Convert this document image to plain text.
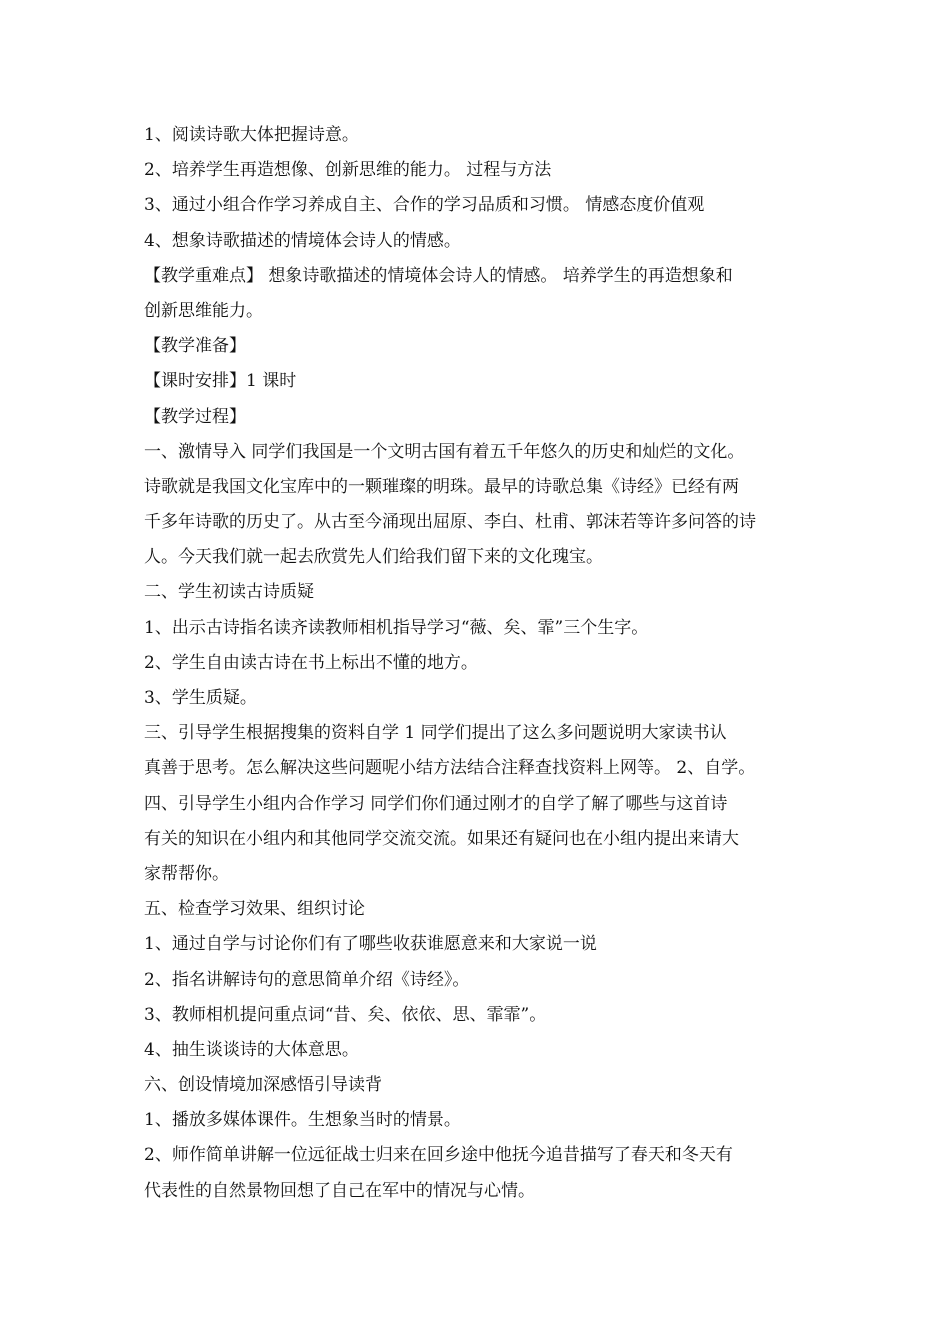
1、阅读诗歌大体把握诗意。
2、培养学生再造想像、创新思维的能力。 过程与方法
3、通过小组合作学习养成自主、合作的学习品质和习惯。 情感态度价值观
4、想象诗歌描述的情境体会诗人的情感。
【教学重难点】 想象诗歌描述的情境体会诗人的情感。 培养学生的再造想象和
创新思维能力。
【教学准备】
【课时安排】1 课时
【教学过程】
一、激情导入 同学们我国是一个文明古国有着五千年悠久的历史和灿烂的文化。
诗歌就是我国文化宝库中的一颗璀璨的明珠。最早的诗歌总集《诗经》已经有两
千多年诗歌的历史了。从古至今涌现出屈原、李白、杜甫、郭沫若等许多问答的诗
人。今天我们就一起去欣赏先人们给我们留下来的文化瑰宝。
二、学生初读古诗质疑
1、出示古诗指名读齐读教师相机指导学习“薇、矣、霏”三个生字。
2、学生自由读古诗在书上标出不懂的地方。
3、学生质疑。
三、引导学生根据搜集的资料自学 1 同学们提出了这么多问题说明大家读书认
真善于思考。怎么解决这些问题呢小结方法结合注释查找资料上网等。 2、自学。
四、引导学生小组内合作学习 同学们你们通过刚才的自学了解了哪些与这首诗
有关的知识在小组内和其他同学交流交流。如果还有疑问也在小组内提出来请大
家帮帮你。
五、检查学习效果、组织讨论
1、通过自学与讨论你们有了哪些收获谁愿意来和大家说一说
2、指名讲解诗句的意思简单介绍《诗经》。
3、教师相机提问重点词“昔、矣、依依、思、霏霏”。
4、抽生谈谈诗的大体意思。
六、创设情境加深感悟引导读背
1、播放多媒体课件。生想象当时的情景。
2、师作简单讲解一位远征战士归来在回乡途中他抚今追昔描写了春天和冬天有
代表性的自然景物回想了自己在军中的情况与心情。
